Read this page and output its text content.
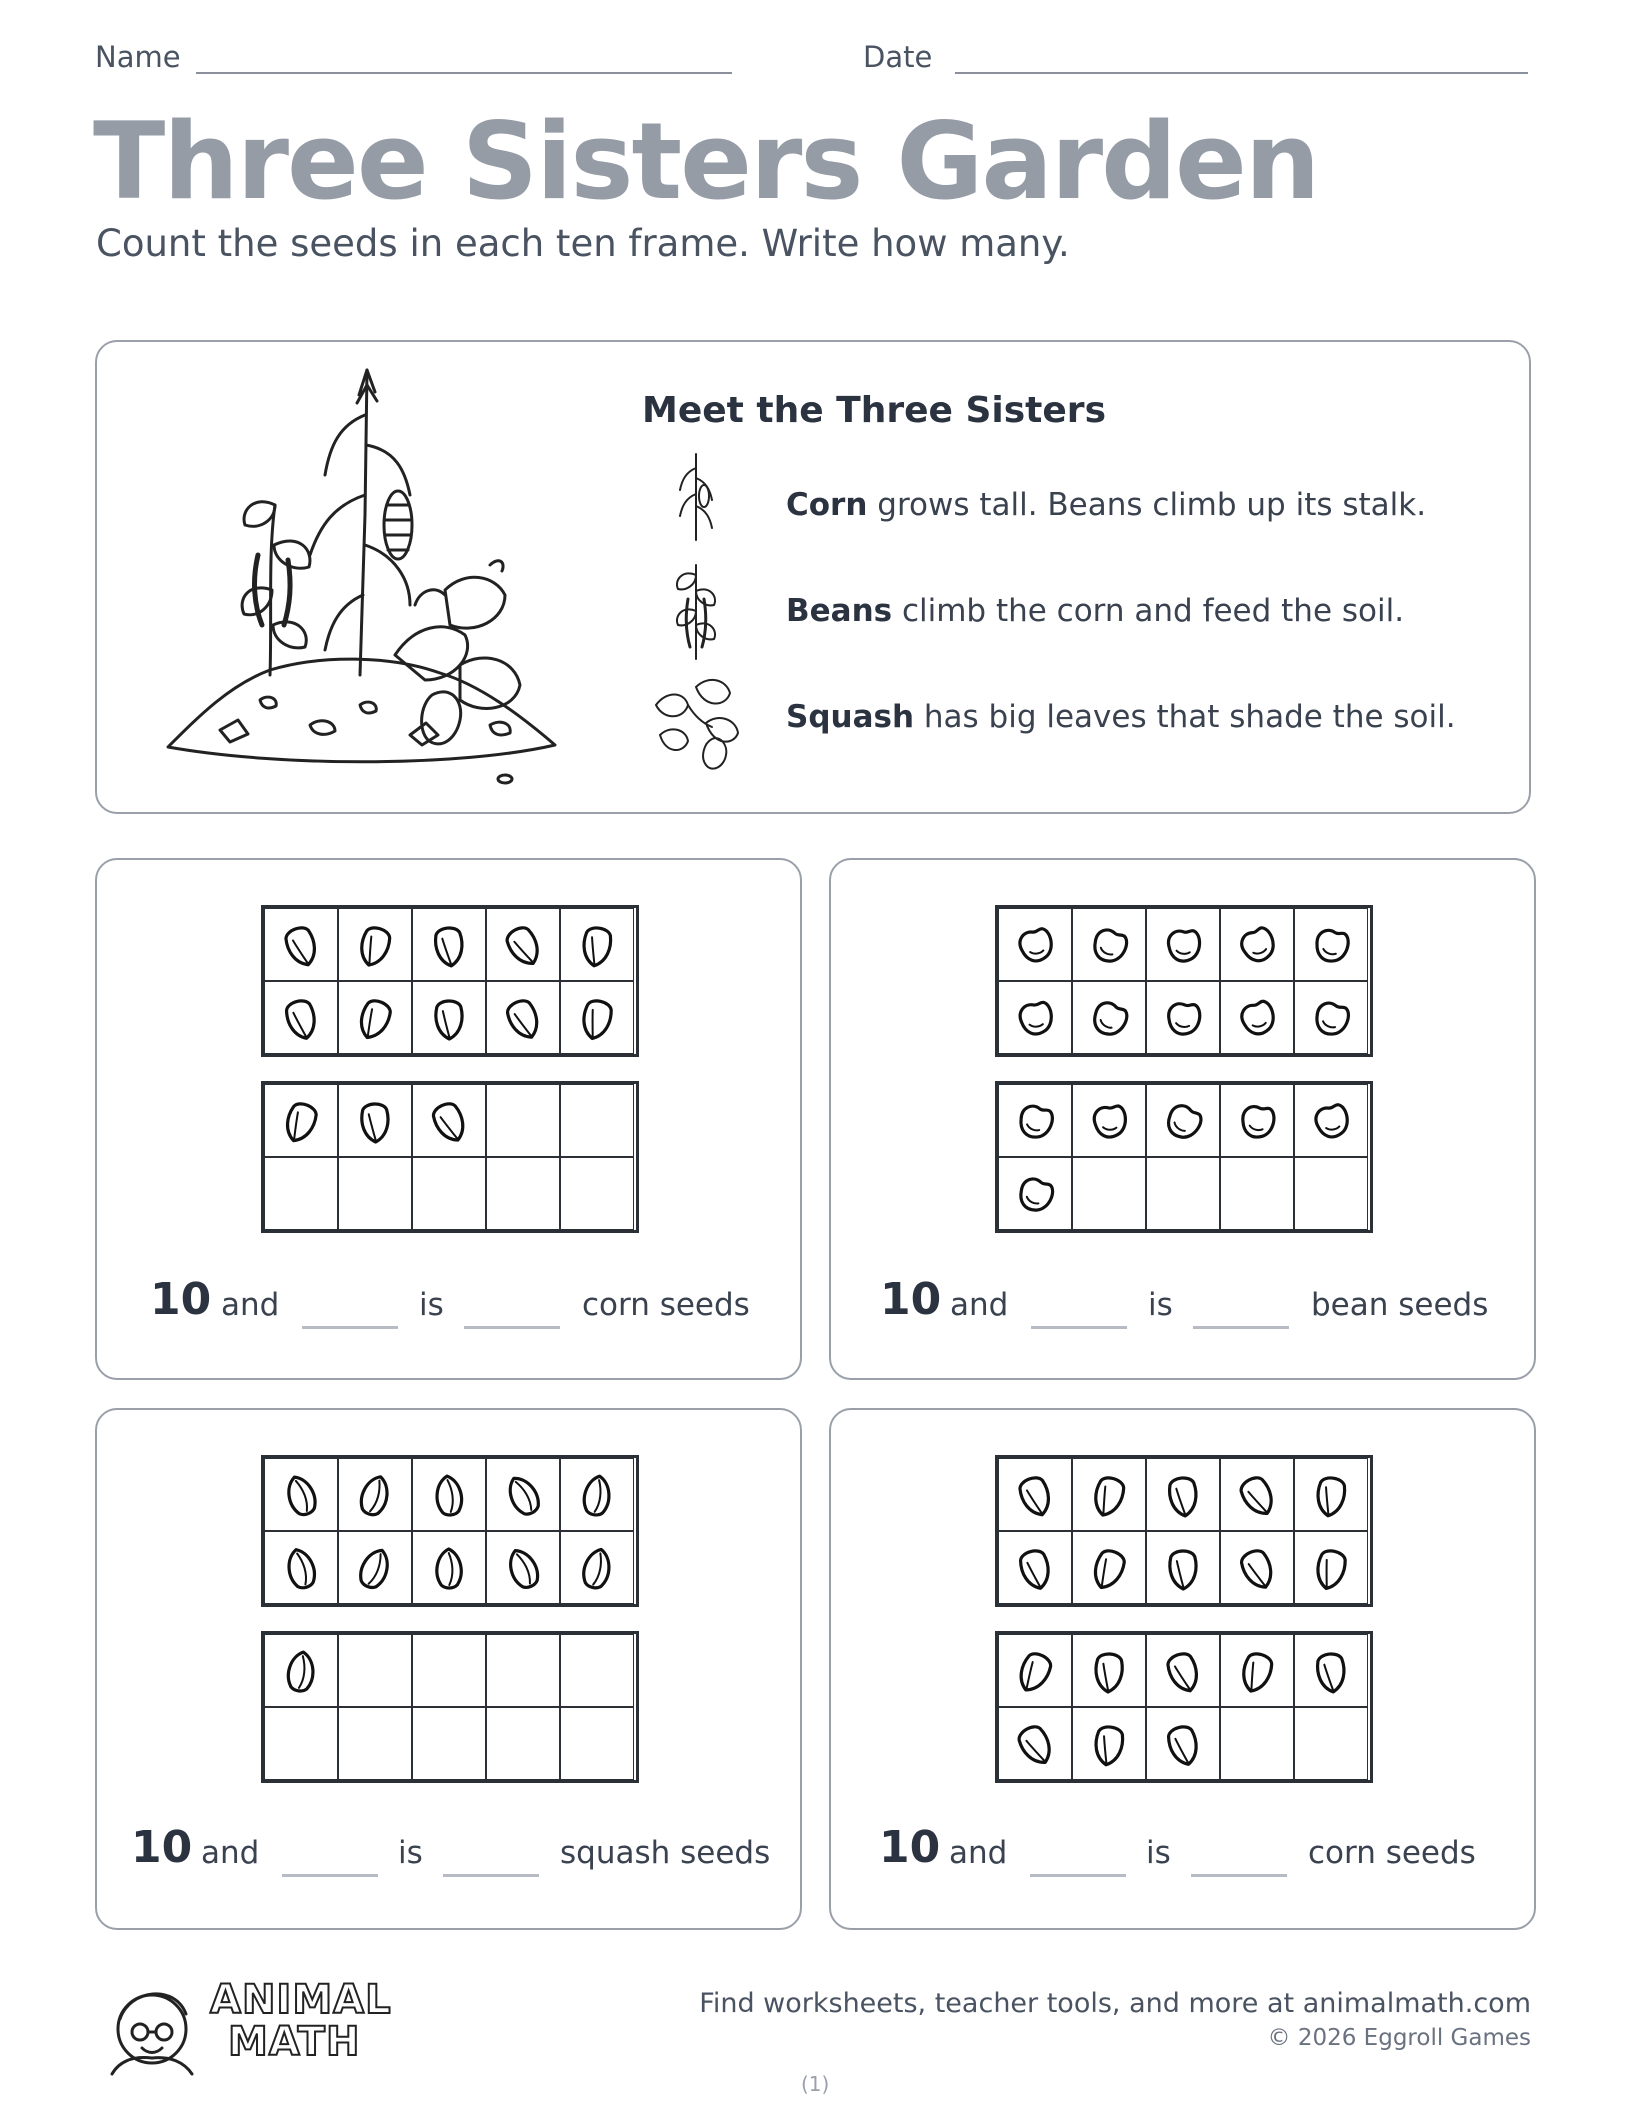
Name	Date
Three Sisters Garden
Count the seeds in each ten frame. Write how many.
Meet the Three Sisters
Corn grows tall. Beans climb up its stalk.
Beans climb the corn and feed the soil.
Squash has big leaves that shade the soil.
10 and	is	corn seeds	10 and	is	bean seeds
10 and	is	squash seeds 10 and	is	corn seeds
ANIMAL
MATH
Find worksheets, teacher tools, and more at animalmath.com
© 2026 Eggroll Games
(1)
